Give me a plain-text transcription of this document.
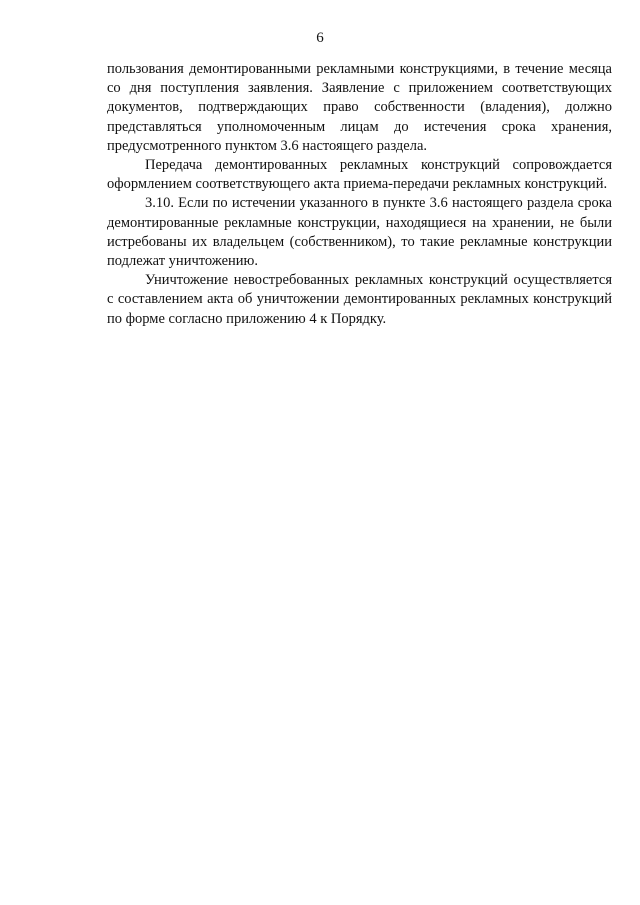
6

пользования демонтированными рекламными конструкциями, в течение месяца со дня поступления заявления. Заявление с приложением соответствующих документов, подтверждающих право собственности (владения), должно представляться уполномоченным лицам до истечения срока хранения, предусмотренного пунктом 3.6 настоящего раздела.

Передача демонтированных рекламных конструкций сопровождается оформлением соответствующего акта приема-передачи рекламных конструкций.

3.10. Если по истечении указанного в пункте 3.6 настоящего раздела срока демонтированные рекламные конструкции, находящиеся на хранении, не были истребованы их владельцем (собственником), то такие рекламные конструкции подлежат уничтожению.

Уничтожение невостребованных рекламных конструкций осуществляется с составлением акта об уничтожении демонтированных рекламных конструкций по форме согласно приложению 4 к Порядку.
